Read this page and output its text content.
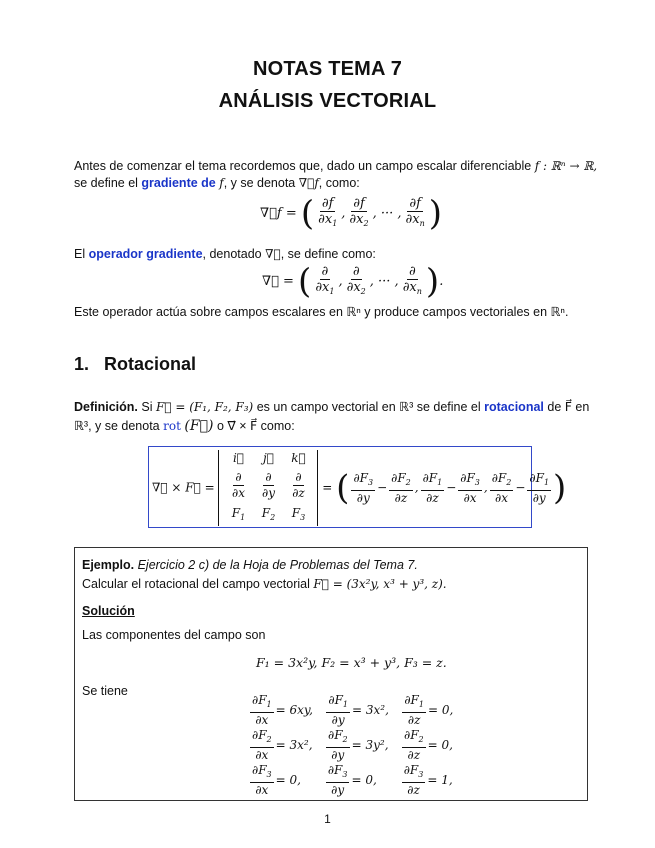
NOTAS TEMA 7
ANÁLISIS VECTORIAL
Antes de comenzar el tema recordemos que, dado un campo escalar diferenciable f : ℝⁿ → ℝ,
se define el gradiente de f, y se denota ∇⃗f, como:
∇⃗f = ( $\frac{\partial f}{\partial x_1}$ , $\frac{\partial f}{\partial x_2}$ , ··· , $\frac{\partial f}{\partial x_n}$ )
El operador gradiente, denotado ∇⃗, se define como:
∇⃗ = ( $\frac{\partial}{\partial x_1}$ , $\frac{\partial}{\partial x_2}$ , ··· , $\frac{\partial}{\partial x_n}$ ).
Este operador actúa sobre campos escalares en ℝⁿ y produce campos vectoriales en ℝⁿ.
1. Rotacional
Definición. Si F⃗ = (F₁, F₂, F₃) es un campo vectorial en ℝ³ se define el rotacional de F⃗ en
ℝ³, y se denota rot (F⃗) o ∇⃗ × F⃗ como:
∇⃗ × F⃗ =
i⃗	j⃗	k⃗
$\frac{\partial}{\partial x} \frac{\partial}{\partial y} \frac{\partial}{\partial z}$
$F_1$	$F_2$	$F_3$
= ( $\frac{\partial F_3}{\partial y} - \frac{\partial F_2}{\partial z}$ , $\frac{\partial F_1}{\partial z} - \frac{\partial F_3}{\partial x}$ , $\frac{\partial F_2}{\partial x} - \frac{\partial F_1}{\partial y}$ )
Ejemplo. Ejercicio 2 c) de la Hoja de Problemas del Tema 7.
Calcular el rotacional del campo vectorial F⃗ = (3x²y, x³ + y³, z).
Solución
Las componentes del campo son
F₁ = 3x²y, F₂ = x³ + y³, F₃ = z.
Se tiene
$\frac{\partial F_1}{\partial x} = 6xy$, $\frac{\partial F_1}{\partial y} = 3x^2$, $\frac{\partial F_1}{\partial z} = 0$,
$\frac{\partial F_2}{\partial x} = 3x^2$, $\frac{\partial F_2}{\partial y} = 3y^2$, $\frac{\partial F_2}{\partial z} = 0$,
$\frac{\partial F_3}{\partial x} = 0$, $\frac{\partial F_3}{\partial y} = 0$, $\frac{\partial F_3}{\partial z} = 1$,
1
